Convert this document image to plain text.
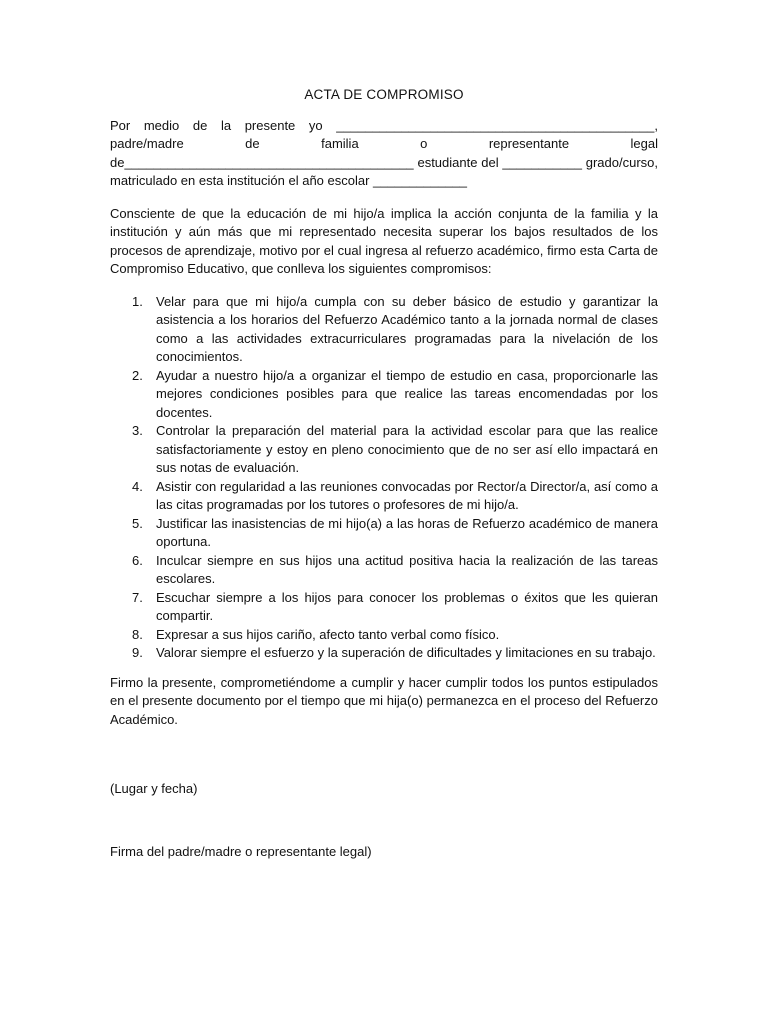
ACTA DE COMPROMISO

Por medio de la presente yo ____________________________________________, padre/madre de familia o representante legal de________________________________________ estudiante del ___________ grado/curso, matriculado en esta institución el año escolar _____________

Consciente de que la educación de mi hijo/a implica la acción conjunta de la familia y la institución y aún más que mi representado necesita superar los bajos resultados de los procesos de aprendizaje, motivo por el cual ingresa al refuerzo académico, firmo esta Carta de Compromiso Educativo, que conlleva los siguientes compromisos:

1. Velar para que mi hijo/a cumpla con su deber básico de estudio y garantizar la asistencia a los horarios del Refuerzo Académico tanto a la jornada normal de clases como a las actividades extracurriculares programadas para la nivelación de los conocimientos.
2. Ayudar a nuestro hijo/a a organizar el tiempo de estudio en casa, proporcionarle las mejores condiciones posibles para que realice las tareas encomendadas por los docentes.
3. Controlar la preparación del material para la actividad escolar para que las realice satisfactoriamente y estoy en pleno conocimiento que de no ser así ello impactará en sus notas de evaluación.
4. Asistir con regularidad a las reuniones convocadas por Rector/a Director/a, así como a las citas programadas por los tutores o profesores de mi hijo/a.
5. Justificar las inasistencias de mi hijo(a) a las horas de Refuerzo académico de manera oportuna.
6. Inculcar siempre en sus hijos una actitud positiva hacia la realización de las tareas escolares.
7. Escuchar siempre a los hijos para conocer los problemas o éxitos que les quieran compartir.
8. Expresar a sus hijos cariño, afecto tanto verbal como físico.
9. Valorar siempre el esfuerzo y la superación de dificultades y limitaciones en su trabajo.

Firmo la presente, comprometiéndome a cumplir y hacer cumplir todos los puntos estipulados en el presente documento por el tiempo que mi hija(o) permanezca en el proceso del Refuerzo Académico.

(Lugar y fecha)
Firma del padre/madre o representante legal)
